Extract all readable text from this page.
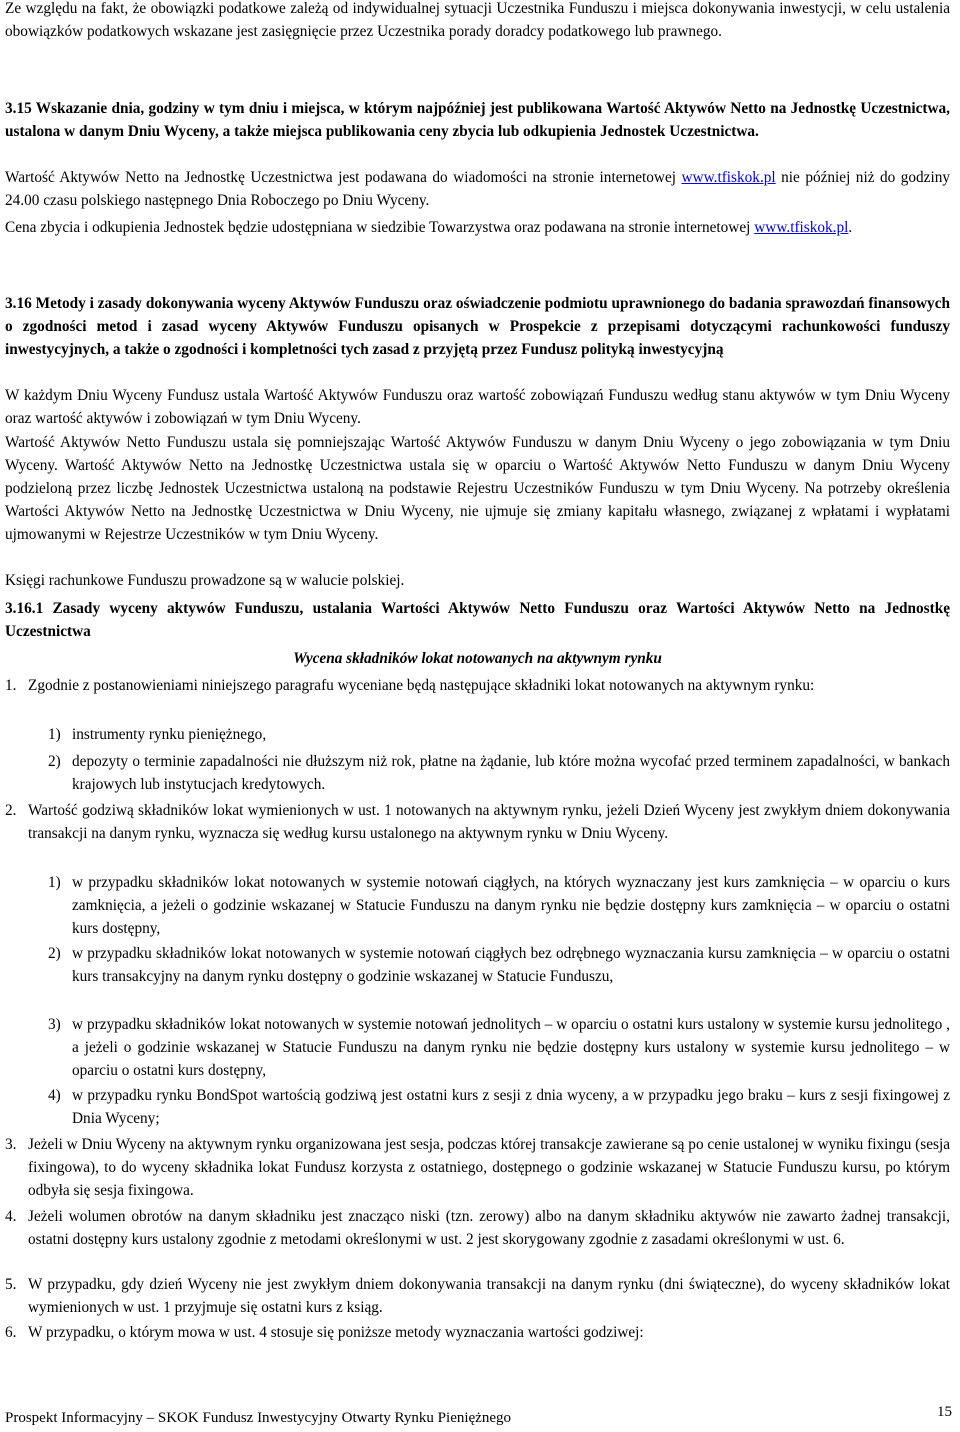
Ze względu na fakt, że obowiązki podatkowe zależą od indywidualnej sytuacji Uczestnika Funduszu i miejsca dokonywania inwestycji, w celu ustalenia obowiązków podatkowych wskazane jest zasięgnięcie przez Uczestnika porady doradcy podatkowego lub prawnego.

3.15 Wskazanie dnia, godziny w tym dniu i miejsca, w którym najpóźniej jest publikowana Wartość Aktywów Netto na Jednostkę Uczestnictwa, ustalona w danym Dniu Wyceny, a także miejsca publikowania ceny zbycia lub odkupienia Jednostek Uczestnictwa.

Wartość Aktywów Netto na Jednostkę Uczestnictwa jest podawana do wiadomości na stronie internetowej www.tfiskok.pl nie później niż do godziny 24.00 czasu polskiego następnego Dnia Roboczego po Dniu Wyceny.

Cena zbycia i odkupienia Jednostek będzie udostępniana w siedzibie Towarzystwa oraz podawana na stronie internetowej www.tfiskok.pl.

3.16 Metody i zasady dokonywania wyceny Aktywów Funduszu oraz oświadczenie podmiotu uprawnionego do badania sprawozdań finansowych o zgodności metod i zasad wyceny Aktywów Funduszu opisanych w Prospekcie z przepisami dotyczącymi rachunkowości funduszy inwestycyjnych, a także o zgodności i kompletności tych zasad z przyjętą przez Fundusz polityką inwestycyjną

W każdym Dniu Wyceny Fundusz ustala Wartość Aktywów Funduszu oraz wartość zobowiązań Funduszu według stanu aktywów w tym Dniu Wyceny oraz wartość aktywów i zobowiązań w tym Dniu Wyceny.

Wartość Aktywów Netto Funduszu ustala się pomniejszając Wartość Aktywów Funduszu w danym Dniu Wyceny o jego zobowiązania w tym Dniu Wyceny. Wartość Aktywów Netto na Jednostkę Uczestnictwa ustala się w oparciu o Wartość Aktywów Netto Funduszu w danym Dniu Wyceny podzieloną przez liczbę Jednostek Uczestnictwa ustaloną na podstawie Rejestru Uczestników Funduszu w tym Dniu Wyceny. Na potrzeby określenia Wartości Aktywów Netto na Jednostkę Uczestnictwa w Dniu Wyceny, nie ujmuje się zmiany kapitału własnego, związanej z wpłatami i wypłatami ujmowanymi w Rejestrze Uczestników w tym Dniu Wyceny.

Księgi rachunkowe Funduszu prowadzone są w walucie polskiej.

3.16.1 Zasady wyceny aktywów Funduszu, ustalania Wartości Aktywów Netto Funduszu oraz Wartości Aktywów Netto na Jednostkę Uczestnictwa

Wycena składników lokat notowanych na aktywnym rynku

1. Zgodnie z postanowieniami niniejszego paragrafu wyceniane będą następujące składniki lokat notowanych na aktywnym rynku:
1) instrumenty rynku pieniężnego,
2) depozyty o terminie zapadalności nie dłuższym niż rok, płatne na żądanie, lub które można wycofać przed terminem zapadalności, w bankach krajowych lub instytucjach kredytowych.
2. Wartość godziwą składników lokat wymienionych w ust. 1 notowanych na aktywnym rynku, jeżeli Dzień Wyceny jest zwykłym dniem dokonywania transakcji na danym rynku, wyznacza się według kursu ustalonego na aktywnym rynku w Dniu Wyceny.
1) w przypadku składników lokat notowanych w systemie notowań ciągłych, na których wyznaczany jest kurs zamknięcia – w oparciu o kurs zamknięcia, a jeżeli o godzinie wskazanej w Statucie Funduszu na danym rynku nie będzie dostępny kurs zamknięcia – w oparciu o ostatni kurs dostępny,
2) w przypadku składników lokat notowanych w systemie notowań ciągłych bez odrębnego wyznaczania kursu zamknięcia – w oparciu o ostatni kurs transakcyjny na danym rynku dostępny o godzinie wskazanej w Statucie Funduszu,
3) w przypadku składników lokat notowanych w systemie notowań jednolitych – w oparciu o ostatni kurs ustalony w systemie kursu jednolitego , a jeżeli o godzinie wskazanej w Statucie Funduszu na danym rynku nie będzie dostępny kurs ustalony w systemie kursu jednolitego – w oparciu o ostatni kurs dostępny,
4) w przypadku rynku BondSpot wartością godziwą jest ostatni kurs z sesji z dnia wyceny, a w przypadku jego braku – kurs z sesji fixingowej z Dnia Wyceny;
3. Jeżeli w Dniu Wyceny na aktywnym rynku organizowana jest sesja, podczas której transakcje zawierane są po cenie ustalonej w wyniku fixingu (sesja fixingowa), to do wyceny składnika lokat Fundusz korzysta z ostatniego, dostępnego o godzinie wskazanej w Statucie Funduszu kursu, po którym odbyła się sesja fixingowa.
4. Jeżeli wolumen obrotów na danym składniku jest znacząco niski (tzn. zerowy) albo na danym składniku aktywów nie zawarto żadnej transakcji, ostatni dostępny kurs ustalony zgodnie z metodami określonymi w ust. 2 jest skorygowany zgodnie z zasadami określonymi w ust. 6.
5. W przypadku, gdy dzień Wyceny nie jest zwykłym dniem dokonywania transakcji na danym rynku (dni świąteczne), do wyceny składników lokat wymienionych w ust. 1 przyjmuje się ostatni kurs z ksiąg.
6. W przypadku, o którym mowa w ust. 4 stosuje się poniższe metody wyznaczania wartości godziwej:
Prospekt Informacyjny – SKOK Fundusz Inwestycyjny Otwarty Rynku Pieniężnego	15
